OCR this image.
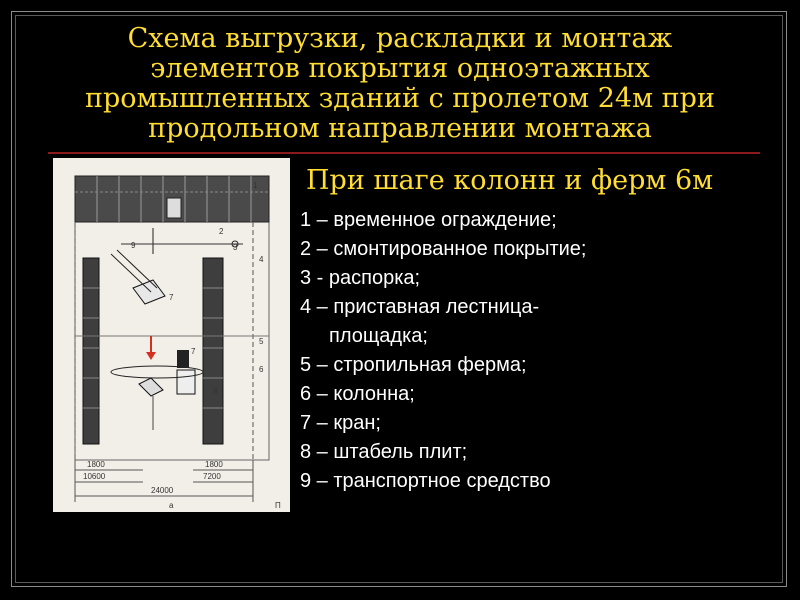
Схема выгрузки, раскладки и монтаж
элементов покрытия одноэтажных
промышленных зданий с пролетом 24м при
продольном направлении монтажа
При шаге колонн и ферм 6м
1 – временное ограждение;
2 – смонтированное покрытие;
3 - распорка;
4 – приставная лестница-
площадка;
5 – стропильная ферма;
6 – колонна;
7 – кран;
8 – штабель плит;
9 – транспортное средство
1
2
3
4
5
6
7
7
8
9
1800
10600
1800
7200
24000
а	П
